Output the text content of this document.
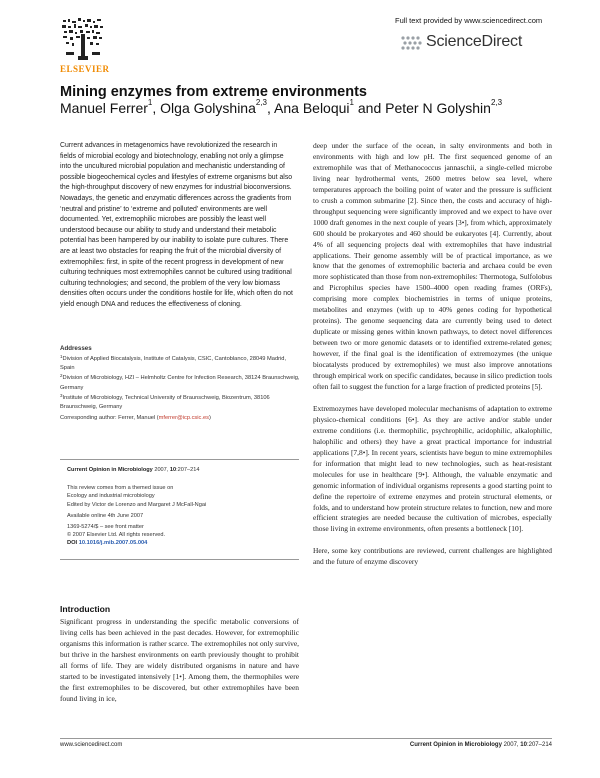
ELSEVIER
Full text provided by www.sciencedirect.com
ScienceDirect
Mining enzymes from extreme environments
Manuel Ferrer$^1$, Olga Golyshina$^{2,3}$, Ana Beloqui$^1$ and Peter N Golyshin$^{2,3}$
Current advances in metagenomics have revolutionized the research in fields of microbial ecology and biotechnology, enabling not only a glimpse into the uncultured microbial population and mechanistic understanding of possible biogeochemical cycles and lifestyles of extreme organisms but also the high-throughput discovery of new enzymes for industrial bioconversions. Nowadays, the genetic and enzymatic differences across the gradients from ‘neutral and pristine’ to ‘extreme and polluted’ environments are well documented. Yet, extremophilic microbes are possibly the least well understood because our ability to study and understand their metabolic potential has been hampered by our inability to isolate pure cultures. There are at least two obstacles for reaping the fruit of the microbial diversity of extremophiles: first, in spite of the recent progress in development of new culturing techniques most extremophiles cannot be cultured using traditional culturing technologies; and second, the problem of the very low biomass densities often occurs under the conditions hostile for life, which often do not yield enough DNA and reduces the effectiveness of cloning.
Addresses
$^1$Division of Applied Biocatalysis, Institute of Catalysis, CSIC, Cantoblanco, 28049 Madrid, Spain
$^2$Division of Microbiology, HZI – Helmholtz Centre for Infection Research, 38124 Braunschweig, Germany
$^3$Institute of Microbiology, Technical University of Braunschweig, Biozentrum, 38106 Braunschweig, Germany
Corresponding author: Ferrer, Manuel (mferrer@icp.csic.es)
Current Opinion in Microbiology 2007, 10:207–214
This review comes from a themed issue on
Ecology and industrial microbiology
Edited by Victor de Lorenzo and Margaret J McFall-Ngai
Available online 4th June 2007
1369-5274/$ – see front matter
© 2007 Elsevier Ltd. All rights reserved.
DOI 10.1016/j.mib.2007.05.004
Introduction

Significant progress in understanding the specific metabolic conversions of living cells has been achieved in the past decades. However, for extremophilic organisms this information is rather scarce. The extremophiles not only survive, but thrive in the harshest environments on earth previously thought to prohibit all forms of life. They are widely distributed organisms in nature and have started to be investigated intensively [1•]. Among them, the thermophiles were the first extremophiles to be discovered, but other extremophiles have been found living in ice,

deep under the surface of the ocean, in salty environments and both in environments with high and low pH. The first sequenced genome of an extremophile was that of Methanococcus jannaschii, a single-celled microbe living near hydrothermal vents, 2600 metres below sea level, where temperatures approach the boiling point of water and the pressure is sufficient to crush a common submarine [2]. Since then, the costs and accuracy of high-throughput sequencing were significantly improved and we expect to have over 1000 draft genomes in the next couple of years [3•], from which, approximately 600 should be prokaryotes and 460 should be eukaryotes [4]. Currently, about 4% of all sequencing projects deal with extremophiles that have industrial applications. Their genome assembly will be of practical importance, as we know that the genomes of extremophilic bacteria and archaea could be even more sophisticated than those from non-extremophiles: Thermotoga, Sulfolobus and Picrophilus species have 1500–4000 open reading frames (ORFs), comprising more complex biochemistries in terms of unique proteins, metabolites and enzymes (with up to 40% genes coding for hypothetical proteins). The genome sequencing data are currently being used to detect duplicate or missing genes within known pathways, to detect novel differences between two or more genomic datasets or to identified extreme-related genes; however, if the final goal is the identification of extremozymes (the unique biocatalysts produced by extremophiles) we must also improve annotations through empirical work on specific candidates, because in silico prediction tools often fail to suggest the function for a large fraction of predicted proteins [5].

Extremozymes have developed molecular mechanisms of adaptation to extreme physico-chemical conditions [6•]. As they are active and/or stable under extreme conditions (i.e. thermophilic, psychrophilic, acidophilic, alkalophilic, halophilic and others) they have a great practical importance for industrial applications [7,8•]. In recent years, scientists have begun to mine extremophiles for information that might lead to new technologies, such as heat-resistant molecules for use in healthcare [9•]. Although, the valuable enzymatic and genomic information of individual organisms represents a good starting point to define the repertoire of extreme enzymes and protein structural elements, or folds, and to understand how protein structure relates to function, new and more efficient strategies are needed because the cultivation of microbes, especially those living in extreme environments, often presents a bottleneck [10].

Here, some key contributions are reviewed, current challenges are highlighted and the future of enzyme discovery

www.sciencedirect.com	Current Opinion in Microbiology 2007, 10:207–214
